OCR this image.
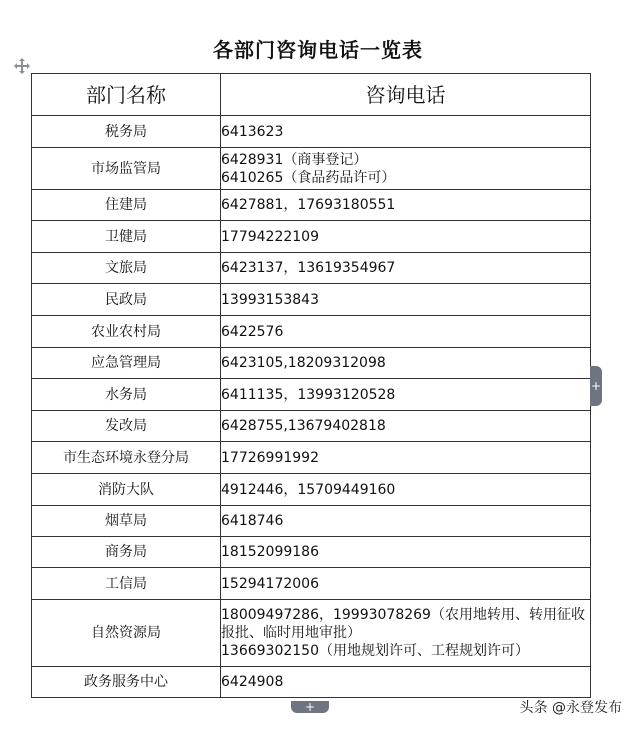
各部门咨询电话一览表
部门名称	咨询电话
税务局	6413623

市场监管局	6428931（商事登记）
6410265（食品药品许可）

住建局	6427881，17693180551

卫健局	17794222109

文旅局	6423137，13619354967

民政局	13993153843

农业农村局	6422576

应急管理局	6423105,18209312098

水务局	6411135，13993120528

发改局	6428755,13679402818

市生态环境永登分局	17726991992

消防大队	4912446，15709449160

烟草局	6418746

商务局	18152099186

工信局	15294172006

自然资源局	18009497286，19993078269（农用地转用、转用征收报批、临时用地审批）
13669302150（用地规划许可、工程规划许可）

政务服务中心	6424908
+
+	头条 @永登发布
